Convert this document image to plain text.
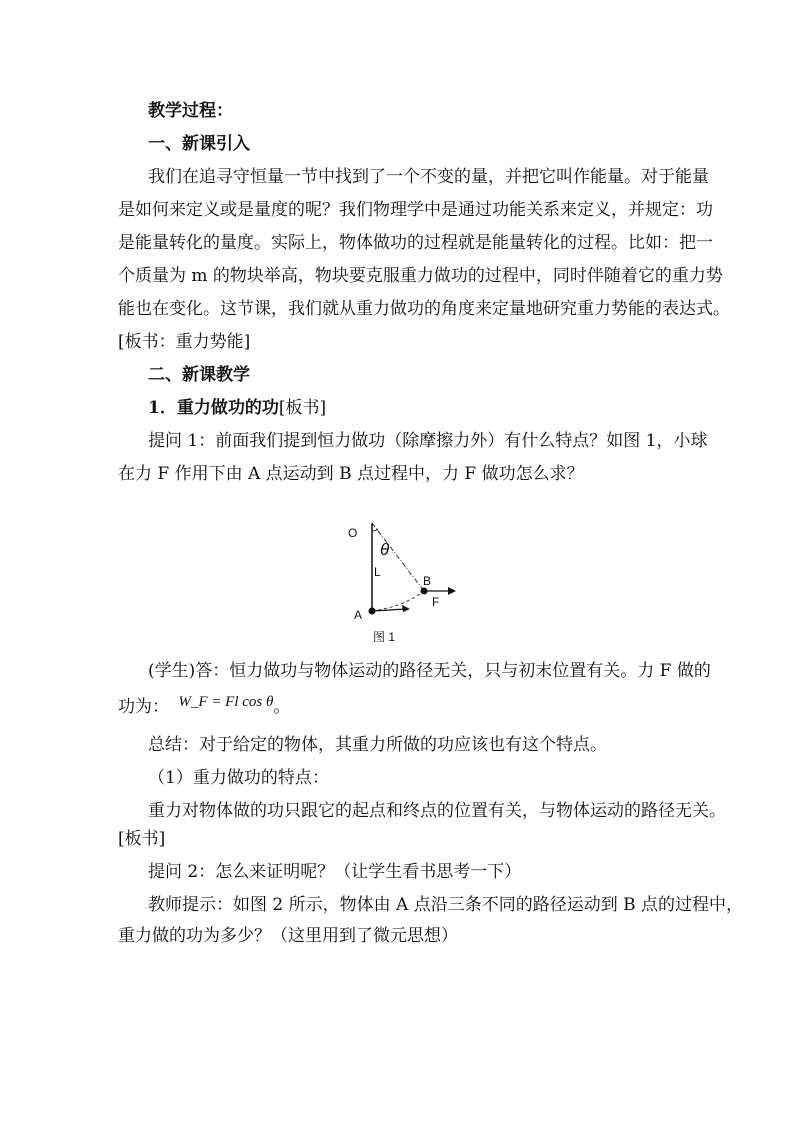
教学过程：
一、新课引入
我们在追寻守恒量一节中找到了一个不变的量，并把它叫作能量。对于能量
是如何来定义或是量度的呢？我们物理学中是通过功能关系来定义，并规定：功
是能量转化的量度。实际上，物体做功的过程就是能量转化的过程。比如：把一
个质量为 m 的物块举高，物块要克服重力做功的过程中，同时伴随着它的重力势
能也在变化。这节课，我们就从重力做功的角度来定量地研究重力势能的表达式。
[板书：重力势能]
二、新课教学
1．重力做功的功[板书]
提问 1：前面我们提到恒力做功（除摩擦力外）有什么特点？如图 1，小球
在力 F 作用下由 A 点运动到 B 点过程中，力 F 做功怎么求？
O
θ
L
A
B
F
图 1
(学生)答：恒力做功与物体运动的路径无关，只与初末位置有关。力 F 做的
功为： W_F = Fl cos θ。
总结：对于给定的物体，其重力所做的功应该也有这个特点。
（1）重力做功的特点：
重力对物体做的功只跟它的起点和终点的位置有关，与物体运动的路径无关。
[板书]
提问 2：怎么来证明呢？（让学生看书思考一下）
教师提示：如图 2 所示，物体由 A 点沿三条不同的路径运动到 B 点的过程中，
重力做的功为多少？（这里用到了微元思想）
